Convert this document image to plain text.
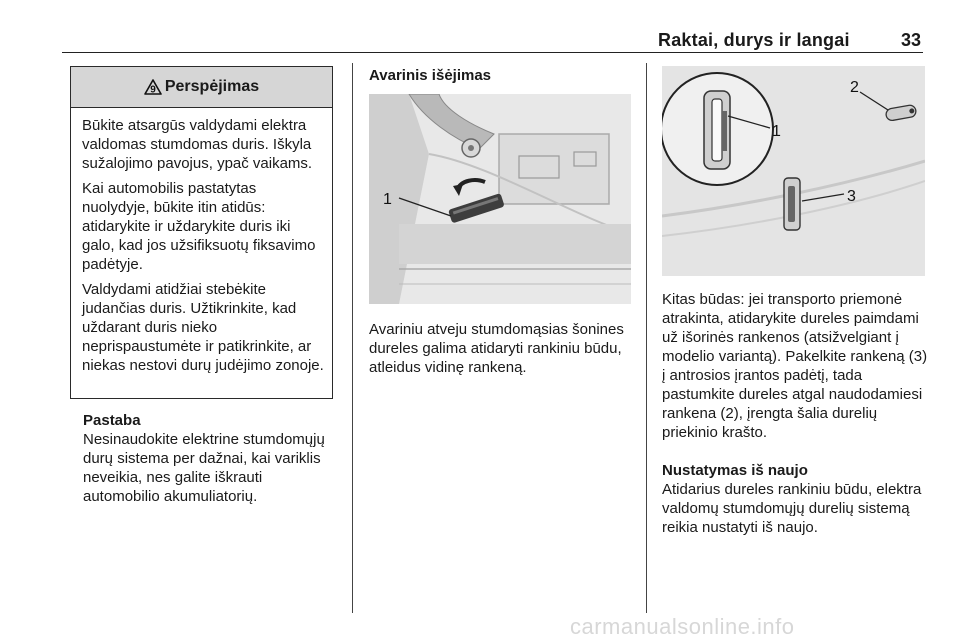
Raktai, durys ir langai	33
9 Perspėjimas

Būkite atsargūs valdydami elektra valdomas stumdomas duris. Iškyla sužalojimo pavojus, ypač vaikams.

Kai automobilis pastatytas nuolydyje, būkite itin atidūs: atidarykite ir uždarykite duris iki galo, kad jos užsifiksuotų fiksavimo padėtyje.

Valdydami atidžiai stebėkite judančias duris. Užtikrinkite, kad uždarant duris nieko neprispaustumėte ir patikrinkite, ar niekas nestovi durų judėjimo zonoje.

Pastaba
Nesinaudokite elektrine stumdomųjų durų sistema per dažnai, kai variklis neveikia, nes galite iškrauti automobilio akumuliatorių.
Avarinis išėjimas
1

Avariniu atveju stumdomąsias šonines dureles galima atidaryti rankiniu būdu, atleidus vidinę rankeną.

1
2
3

Kitas būdas: jei transporto priemonė atrakinta, atidarykite dureles paimdami už išorinės rankenos (atsižvelgiant į modelio variantą). Pakelkite rankeną (3) į antrosios įrantos padėtį, tada pastumkite dureles atgal naudodamiesi rankena (2), įrengta šalia durelių priekinio krašto.

Nustatymas iš naujo

Atidarius dureles rankiniu būdu, elektra valdomų stumdomųjų durelių sistemą reikia nustatyti iš naujo.

carmanualsonline.info
